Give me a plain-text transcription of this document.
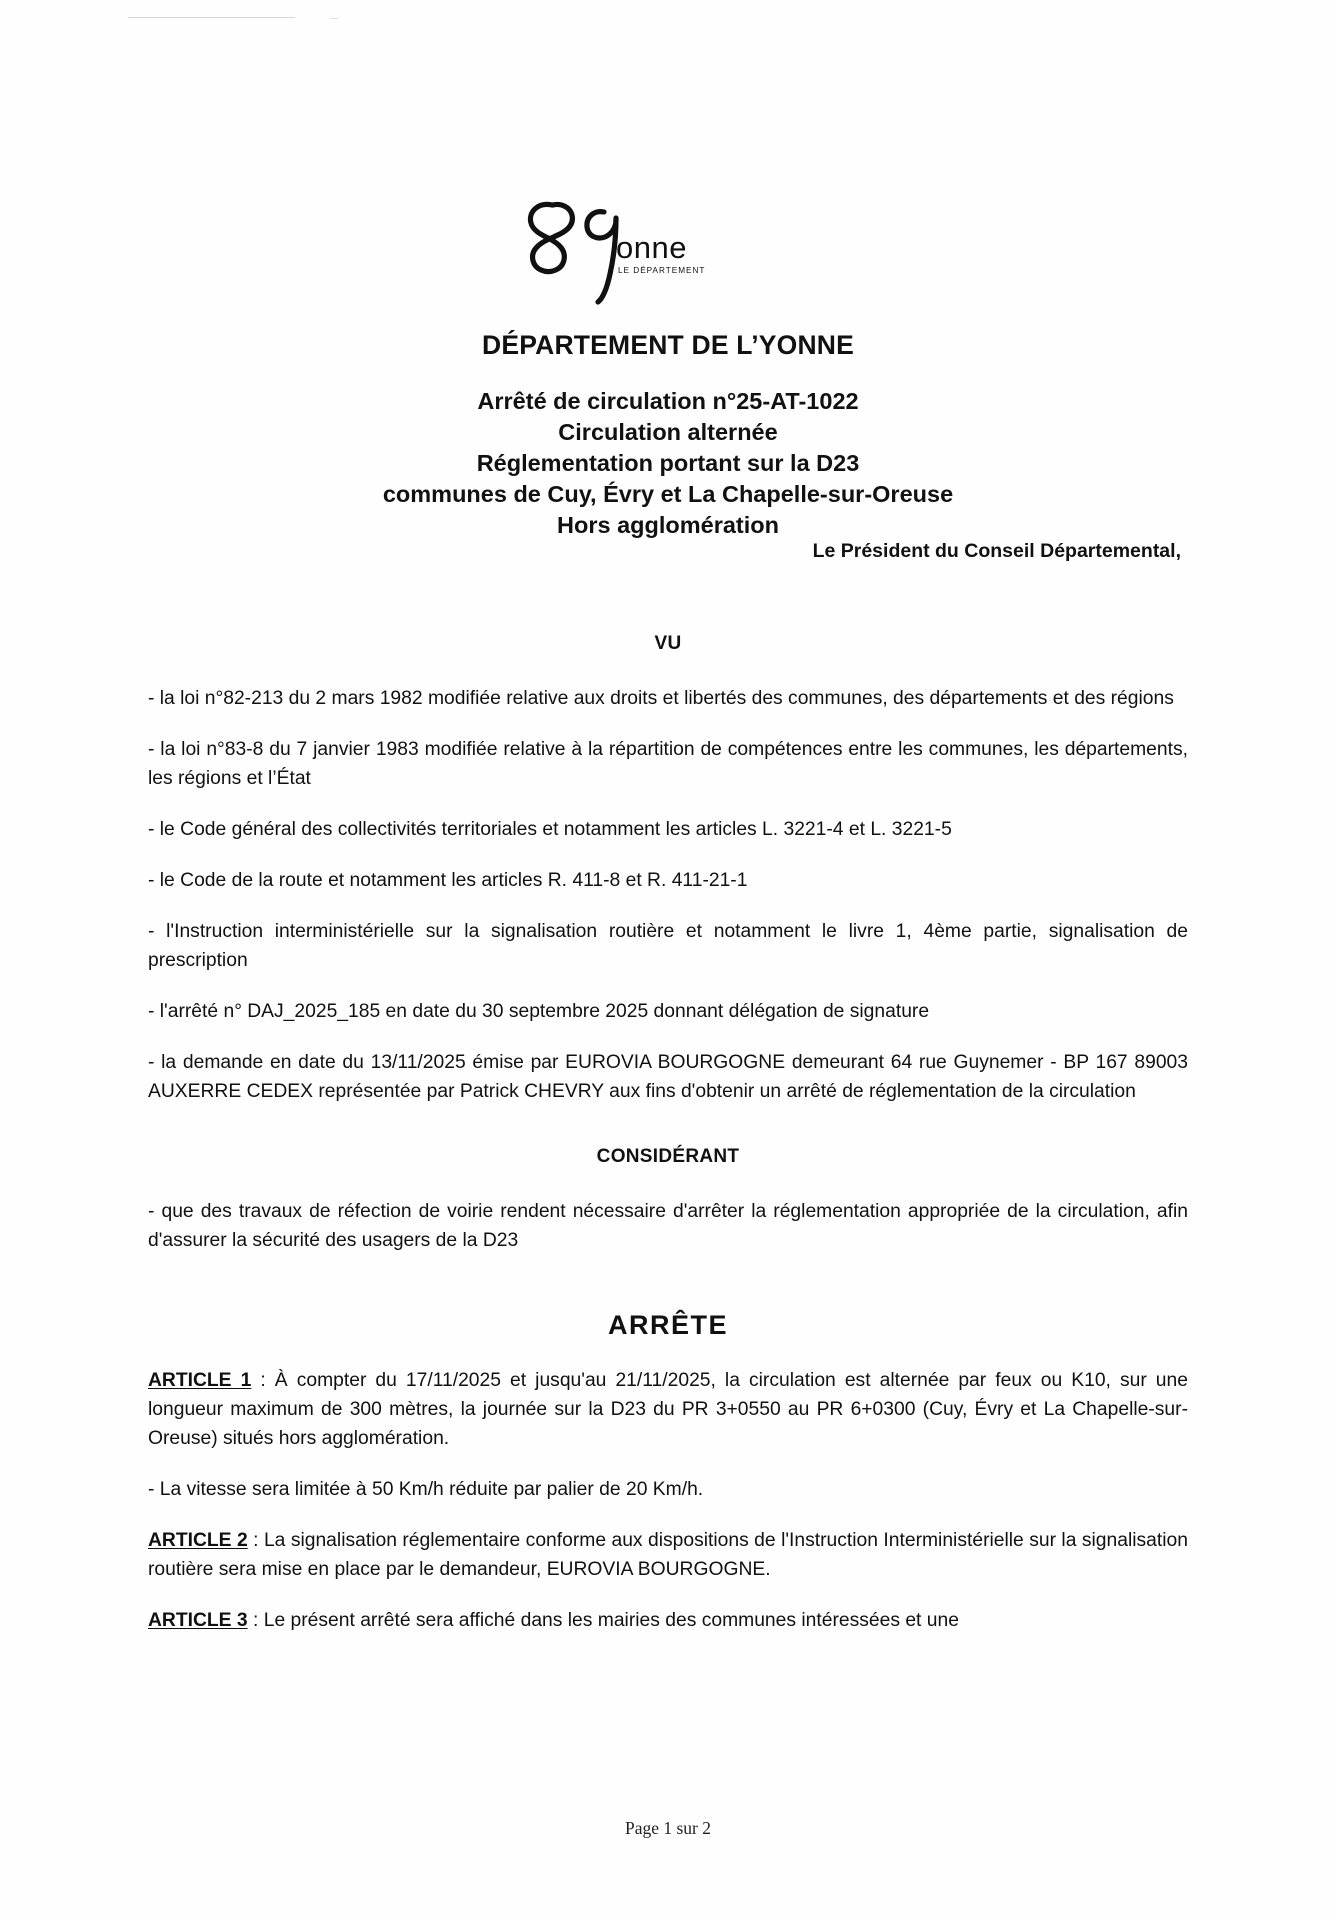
onne
LE DÉPARTEMENT
DÉPARTEMENT DE L’YONNE
Arrêté de circulation n°25-AT-1022
Circulation alternée
Réglementation portant sur la D23
communes de Cuy, Évry et La Chapelle-sur-Oreuse
Hors agglomération
Le Président du Conseil Départemental,
VU

- la loi n°82-213 du 2 mars 1982 modifiée relative aux droits et libertés des communes, des départements et des régions

- la loi n°83-8 du 7 janvier 1983 modifiée relative à la répartition de compétences entre les communes, les départements, les régions et l’État

- le Code général des collectivités territoriales et notamment les articles L. 3221-4 et L. 3221-5

- le Code de la route et notamment les articles R. 411-8 et R. 411-21-1

- l'Instruction interministérielle sur la signalisation routière et notamment le livre 1, 4ème partie, signalisation de prescription

- l'arrêté n° DAJ_2025_185 en date du 30 septembre 2025 donnant délégation de signature

- la demande en date du 13/11/2025 émise par EUROVIA BOURGOGNE demeurant 64 rue Guynemer - BP 167 89003 AUXERRE CEDEX représentée par Patrick CHEVRY aux fins d'obtenir un arrêté de réglementation de la circulation

CONSIDÉRANT

- que des travaux de réfection de voirie rendent nécessaire d'arrêter la réglementation appropriée de la circulation, afin d'assurer la sécurité des usagers de la D23

ARRÊTE

ARTICLE 1 : À compter du 17/11/2025 et jusqu'au 21/11/2025, la circulation est alternée par feux ou K10, sur une longueur maximum de 300 mètres, la journée sur la D23 du PR 3+0550 au PR 6+0300 (Cuy, Évry et La Chapelle-sur-Oreuse) situés hors agglomération.

- La vitesse sera limitée à 50 Km/h réduite par palier de 20 Km/h.

ARTICLE 2 : La signalisation réglementaire conforme aux dispositions de l'Instruction Interministérielle sur la signalisation routière sera mise en place par le demandeur, EUROVIA BOURGOGNE.

ARTICLE 3 : Le présent arrêté sera affiché dans les mairies des communes intéressées et une

Page 1 sur 2
